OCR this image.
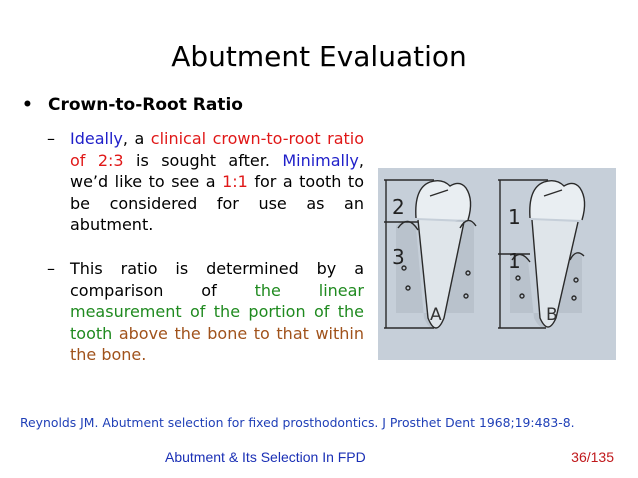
Abutment Evaluation
• Crown-to-Root Ratio
– Ideally, a clinical crown-to-root ratio of 2:3 is sought after. Minimally, we’d like to see a 1:1 for a tooth to be considered for use as an abutment.
– This ratio is determined by a comparison of the linear measurement of the portion of the tooth above the bone to that within the bone.
2
3
1
1
A	B
Reynolds JM. Abutment selection for fixed prosthodontics. J Prosthet Dent 1968;19:483-8.
Abutment & Its Selection In FPD	36/135
